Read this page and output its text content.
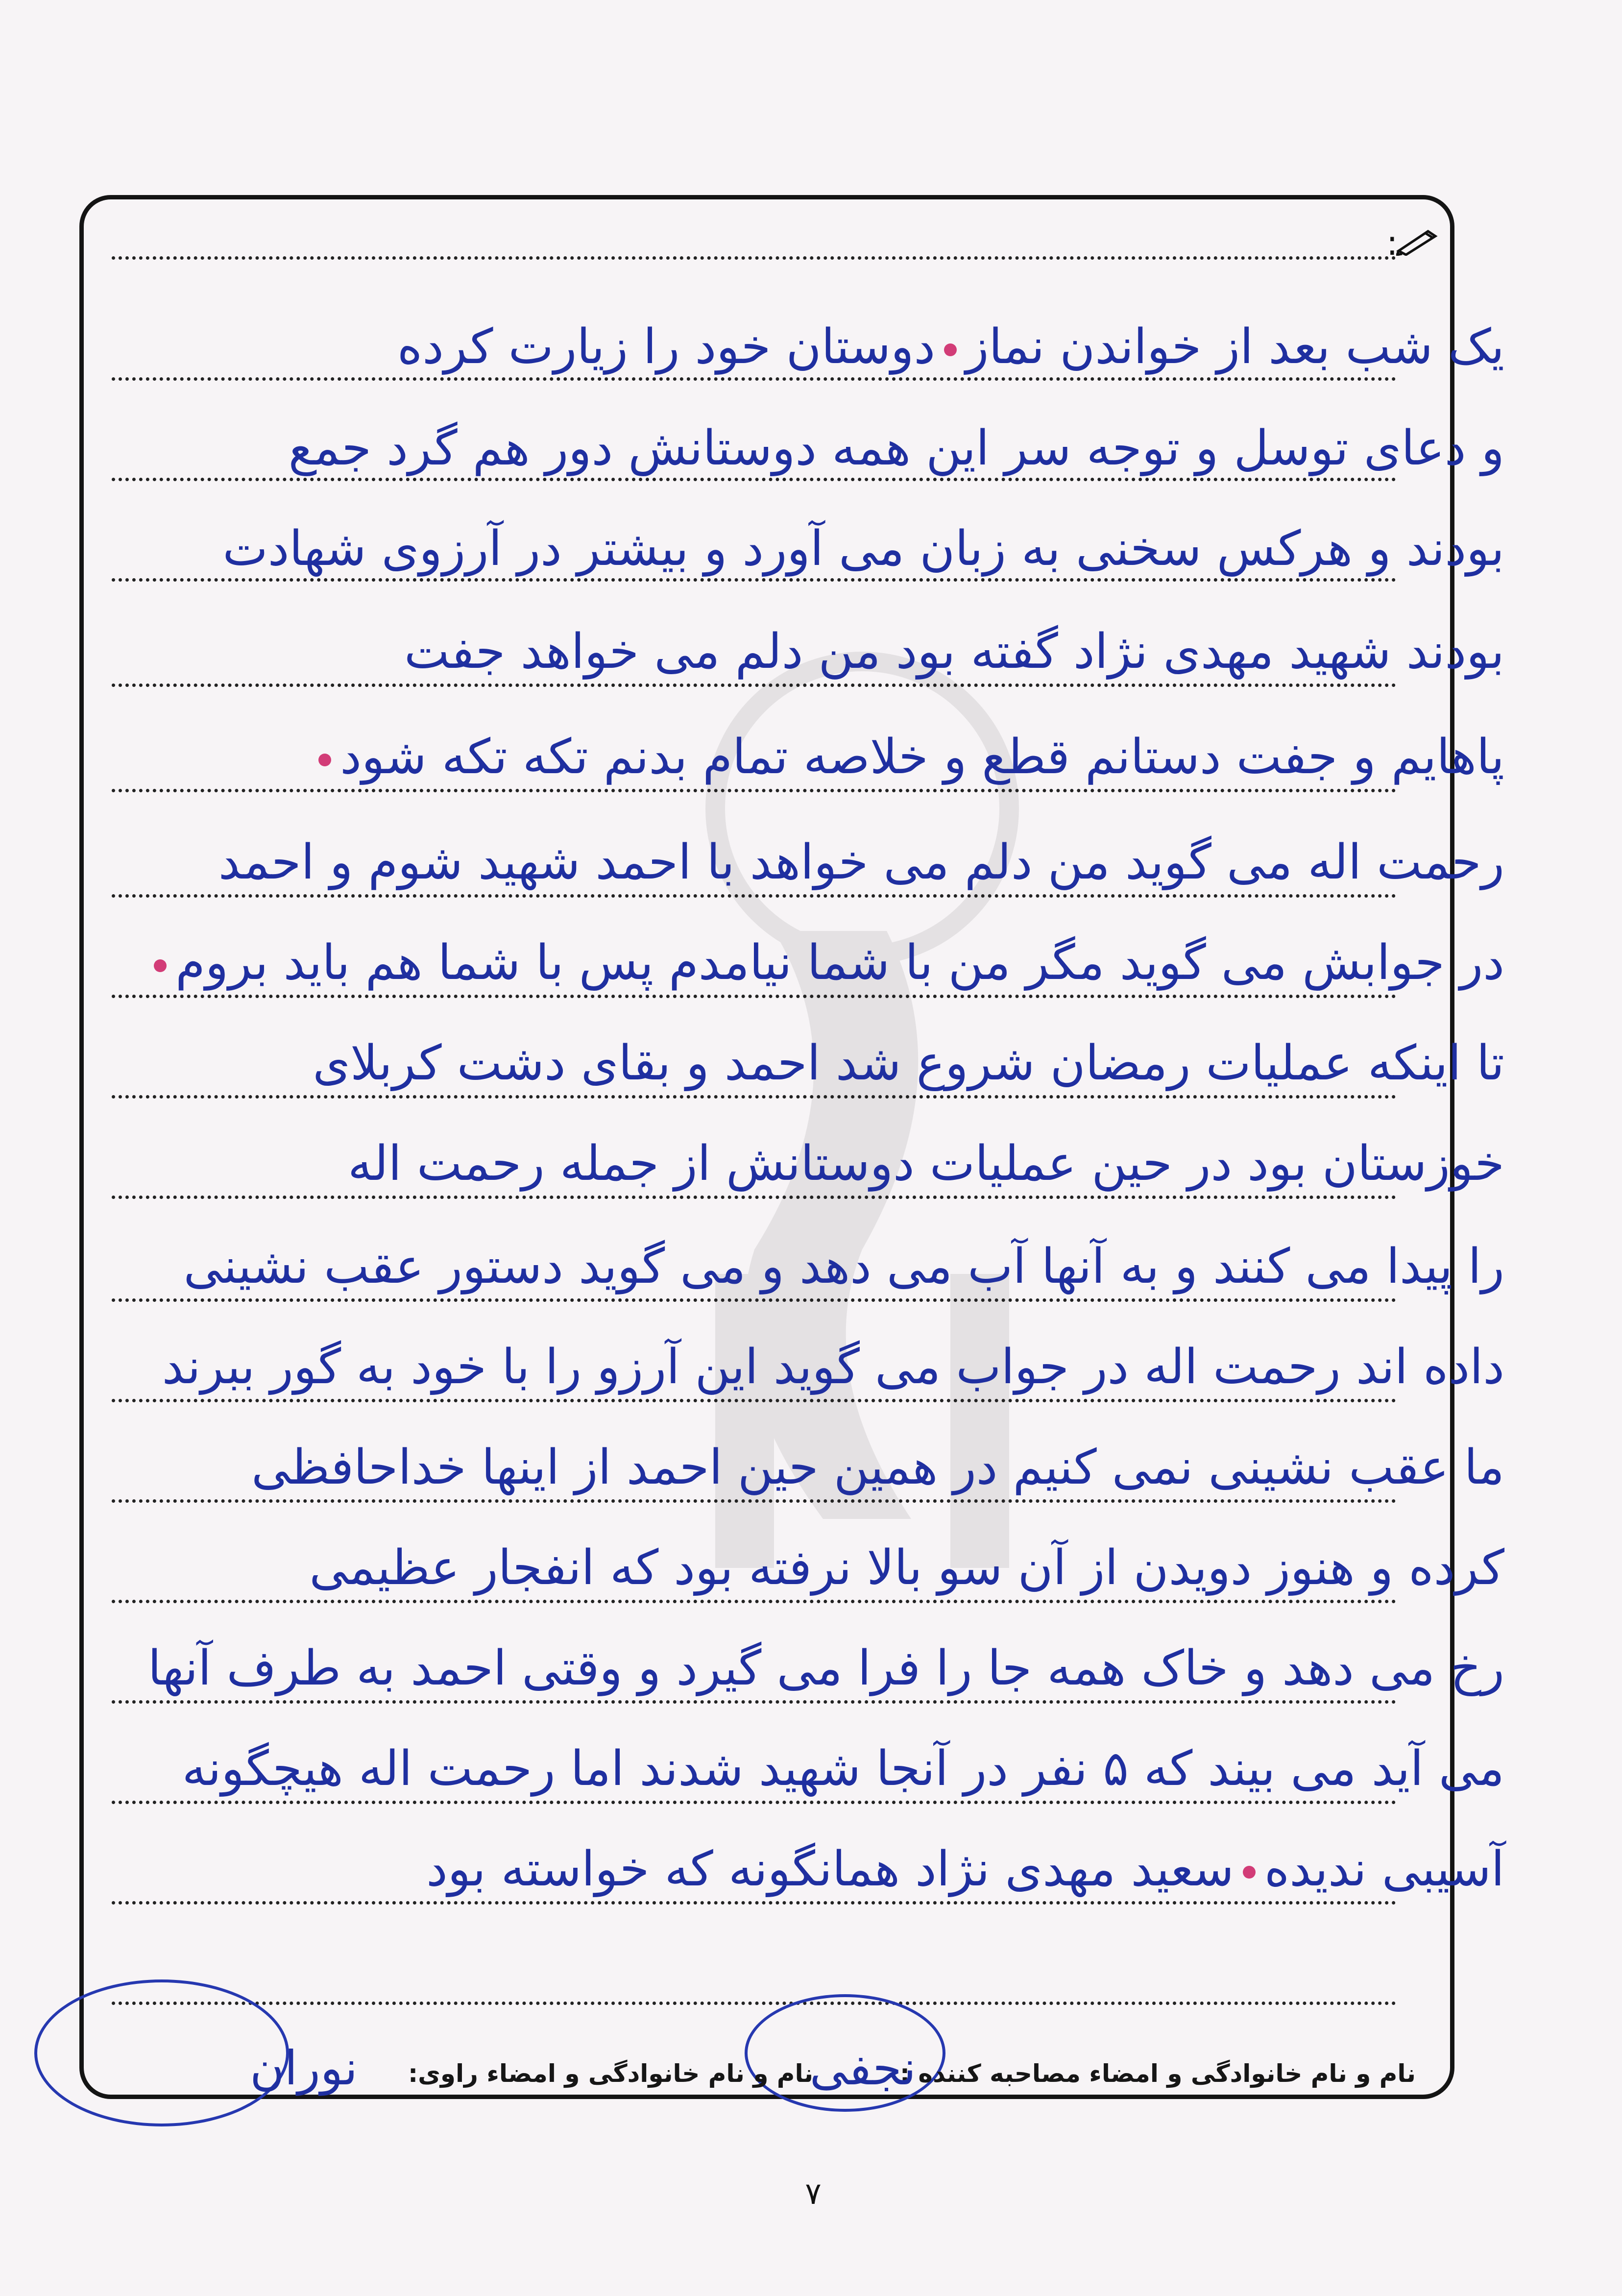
:
یک شب بعد از خواندن نمازدوستان خود را زیارت کرده
و دعای توسل و توجه سر این همه دوستانش دور هم گرد جمع
بودند و هرکس سخنی به زبان می آورد و بیشتر در آرزوی شهادت
بودند شهید مهدی نژاد گفته بود من دلم می خواهد جفت
پاهایم و جفت دستانم قطع و خلاصه تمام بدنم تکه تکه شود
رحمت اله می گوید من دلم می خواهد با احمد شهید شوم و احمد
در جوابش می گوید مگر من با شما نیامدم پس با شما هم باید بروم
تا اینکه عملیات رمضان شروع شد احمد و بقای دشت کربلای
خوزستان بود در حین عملیات دوستانش از جمله رحمت اله
را پیدا می کنند و به آنها آب می دهد و می گوید دستور عقب نشینی
داده اند رحمت اله در جواب می گوید این آرزو را با خود به گور ببرند
ما عقب نشینی نمی کنیم در همین حین احمد از اینها خداحافظی
کرده و هنوز دویدن از آن سو بالا نرفته بود که انفجار عظیمی
رخ می دهد و خاک همه جا را فرا می گیرد و وقتی احمد به طرف آنها
می آید می بیند که ۵ نفر در آنجا شهید شدند اما رحمت اله هیچگونه
آسیبی ندیدهسعید مهدی نژاد همانگونه که خواسته بود
نام و نام خانوادگی و امضاء مصاحبه کننده :
نجفی
نام و نام خانوادگی و امضاء راوی:
نوران
۷
